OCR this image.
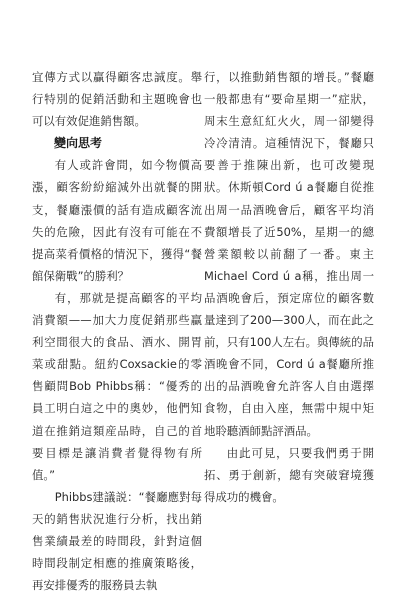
宜傳方式以贏得顧客忠誠度。舉行特別的促銷活動和主題晚會也可以有效促進銷售額。

變向思考

有人或許會問，如今物價高漲，顧客紛紛縮減外出就餐的開支，餐廳漲價的話有造成顧客流失的危險，因此有沒有可能在不提高菜肴價格的情況下，獲得“餐館保衛戰”的勝利？

有，那就是提高顧客的平均消費額——加大力度促銷那些贏利空間很大的食品、酒水、開胃菜或甜點。紐約Coxsackie的零售顧問Bob Phibbs稱：“優秀的員工明白這之中的奧妙，他們知道在推銷這類産品時，自己的首要目標是讓消費者覺得物有所值。”

Phibbs建議説：“餐廳應對每天的銷售狀況進行分析，找出銷售業績最差的時間段，針對這個時間段制定相應的推廣策略後，再安排優秀的服務員去執

行，以推動銷售額的增長。”餐廳一般都患有“要命星期一”症狀，周末生意紅紅火火，周一卻變得冷冷清清。這種情況下，餐廳只要善于推陳出新，也可改變現狀。休斯頓Cord ú a餐廳自從推出周一品酒晚會后，顧客平均消費額增長了近50%，星期一的總營業額較以前翻了一番。東主Michael Cord ú a稱，推出周一品酒晚會后，預定席位的顧客數量達到了200—300人，而在此之前，只有100人左右。與傳統的品酒晚會不同，Cord ú a餐廳所推出的品酒晚會允許客人自由選擇食物，自由入座，無需中規中矩地聆聽酒師點評酒品。

由此可見，只要我們勇于開拓、勇于創新，總有突破窘境獲得成功的機會。
